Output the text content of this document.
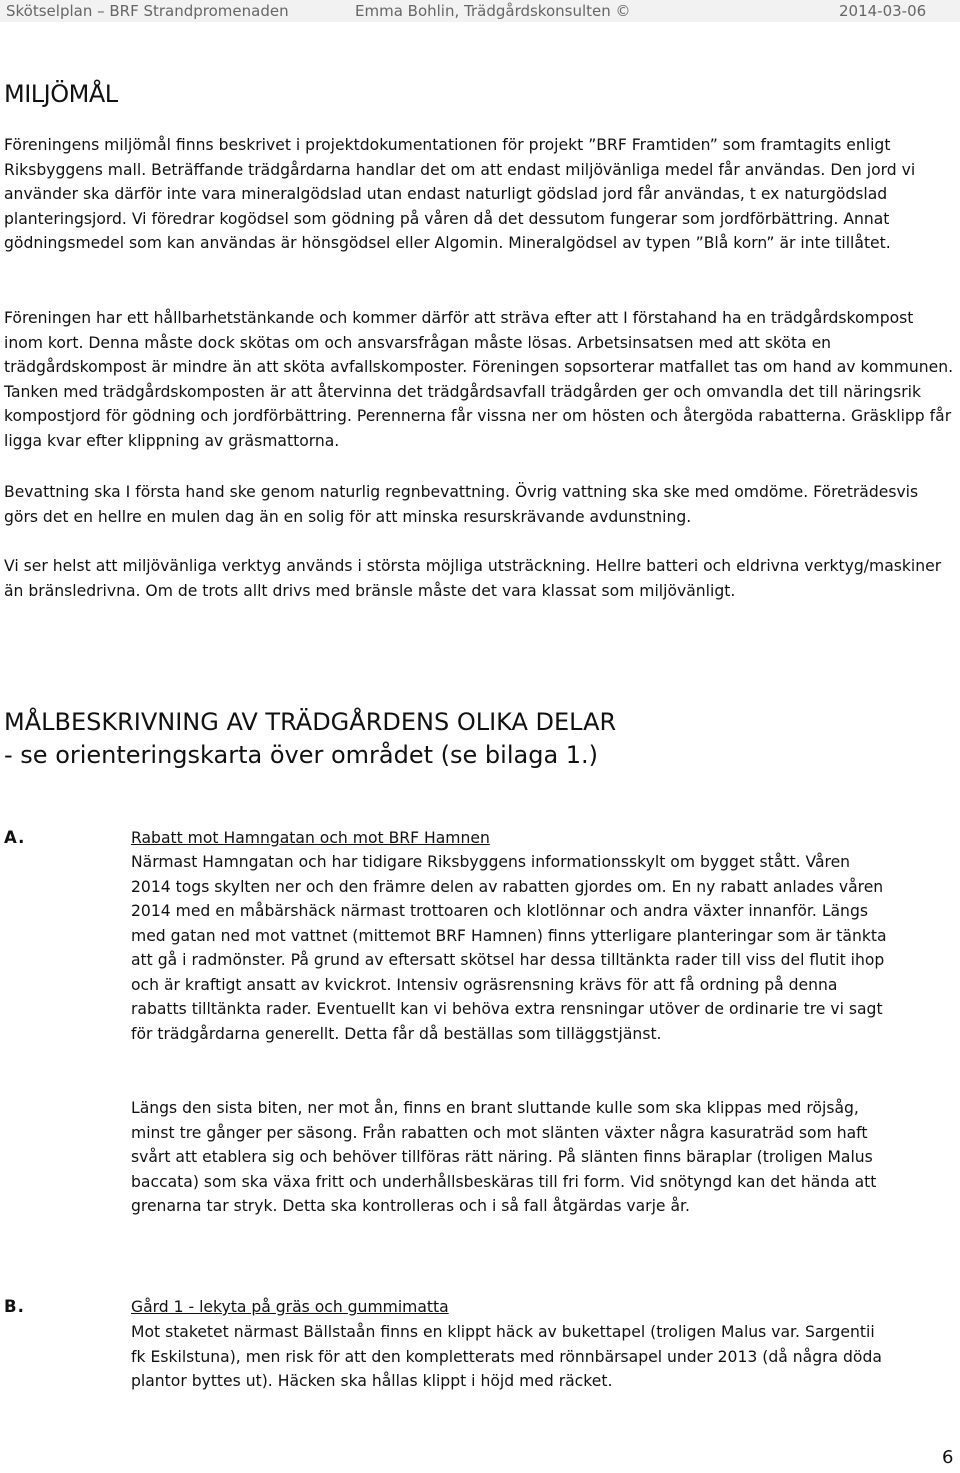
Skötselplan – BRF Strandpromenaden	Emma Bohlin, Trädgårdskonsulten ©	2014-03-06
MILJÖMÅL

Föreningens miljömål finns beskrivet i projektdokumentationen för projekt ”BRF Framtiden” som framtagits enligt Riksbyggens mall. Beträffande trädgårdarna handlar det om att endast miljövänliga medel får användas. Den jord vi använder ska därför inte vara mineralgödslad utan endast naturligt gödslad jord får användas, t ex naturgödslad planteringsjord. Vi föredrar kogödsel som gödning på våren då det dessutom fungerar som jordförbättring. Annat gödningsmedel som kan användas är hönsgödsel eller Algomin. Mineralgödsel av typen ”Blå korn” är inte tillåtet.

Föreningen har ett hållbarhetstänkande och kommer därför att sträva efter att I förstahand ha en trädgårdskompost inom kort. Denna måste dock skötas om och ansvarsfrågan måste lösas. Arbetsinsatsen med att sköta en trädgårdskompost är mindre än att sköta avfallskomposter. Föreningen sopsorterar matfallet tas om hand av kommunen. Tanken med trädgårdskomposten är att återvinna det trädgårdsavfall trädgården ger och omvandla det till näringsrik kompostjord för gödning och jordförbättring. Perennerna får vissna ner om hösten och återgöda rabatterna. Gräsklipp får ligga kvar efter klippning av gräsmattorna.

Bevattning ska I första hand ske genom naturlig regnbevattning. Övrig vattning ska ske med omdöme. Företrädesvis görs det en hellre en mulen dag än en solig för att minska resurskrävande avdunstning.

Vi ser helst att miljövänliga verktyg används i största möjliga utsträckning. Hellre batteri och eldrivna verktyg/maskiner än bränsledrivna. Om de trots allt drivs med bränsle måste det vara klassat som miljövänligt.

MÅLBESKRIVNING AV TRÄDGÅRDENS OLIKA DELAR
- se orienteringskarta över området (se bilaga 1.)
A.	Rabatt mot Hamngatan och mot BRF Hamnen

Närmast Hamngatan och har tidigare Riksbyggens informationsskylt om bygget stått. Våren 2014 togs skylten ner och den främre delen av rabatten gjordes om. En ny rabatt anlades våren 2014 med en måbärshäck närmast trottoaren och klotlönnar och andra växter innanför. Längs med gatan ned mot vattnet (mittemot BRF Hamnen) finns ytterligare planteringar som är tänkta att gå i radmönster. På grund av eftersatt skötsel har dessa tilltänkta rader till viss del flutit ihop och är kraftigt ansatt av kvickrot. Intensiv ogräsrensning krävs för att få ordning på denna rabatts tilltänkta rader. Eventuellt kan vi behöva extra rensningar utöver de ordinarie tre vi sagt för trädgårdarna generellt. Detta får då beställas som tilläggstjänst.

Längs den sista biten, ner mot ån, finns en brant sluttande kulle som ska klippas med röjsåg, minst tre gånger per säsong. Från rabatten och mot slänten växter några kasuraträd som haft svårt att etablera sig och behöver tillföras rätt näring. På slänten finns bäraplar (troligen Malus baccata) som ska växa fritt och underhållsbeskäras till fri form. Vid snötyngd kan det hända att grenarna tar stryk. Detta ska kontrolleras och i så fall åtgärdas varje år.

B.	Gård 1 - lekyta på gräs och gummimatta

Mot staketet närmast Bällstaån finns en klippt häck av bukettapel (troligen Malus var. Sargentii fk Eskilstuna), men risk för att den kompletterats med rönnbärsapel under 2013 (då några döda plantor byttes ut). Häcken ska hållas klippt i höjd med räcket.

6
